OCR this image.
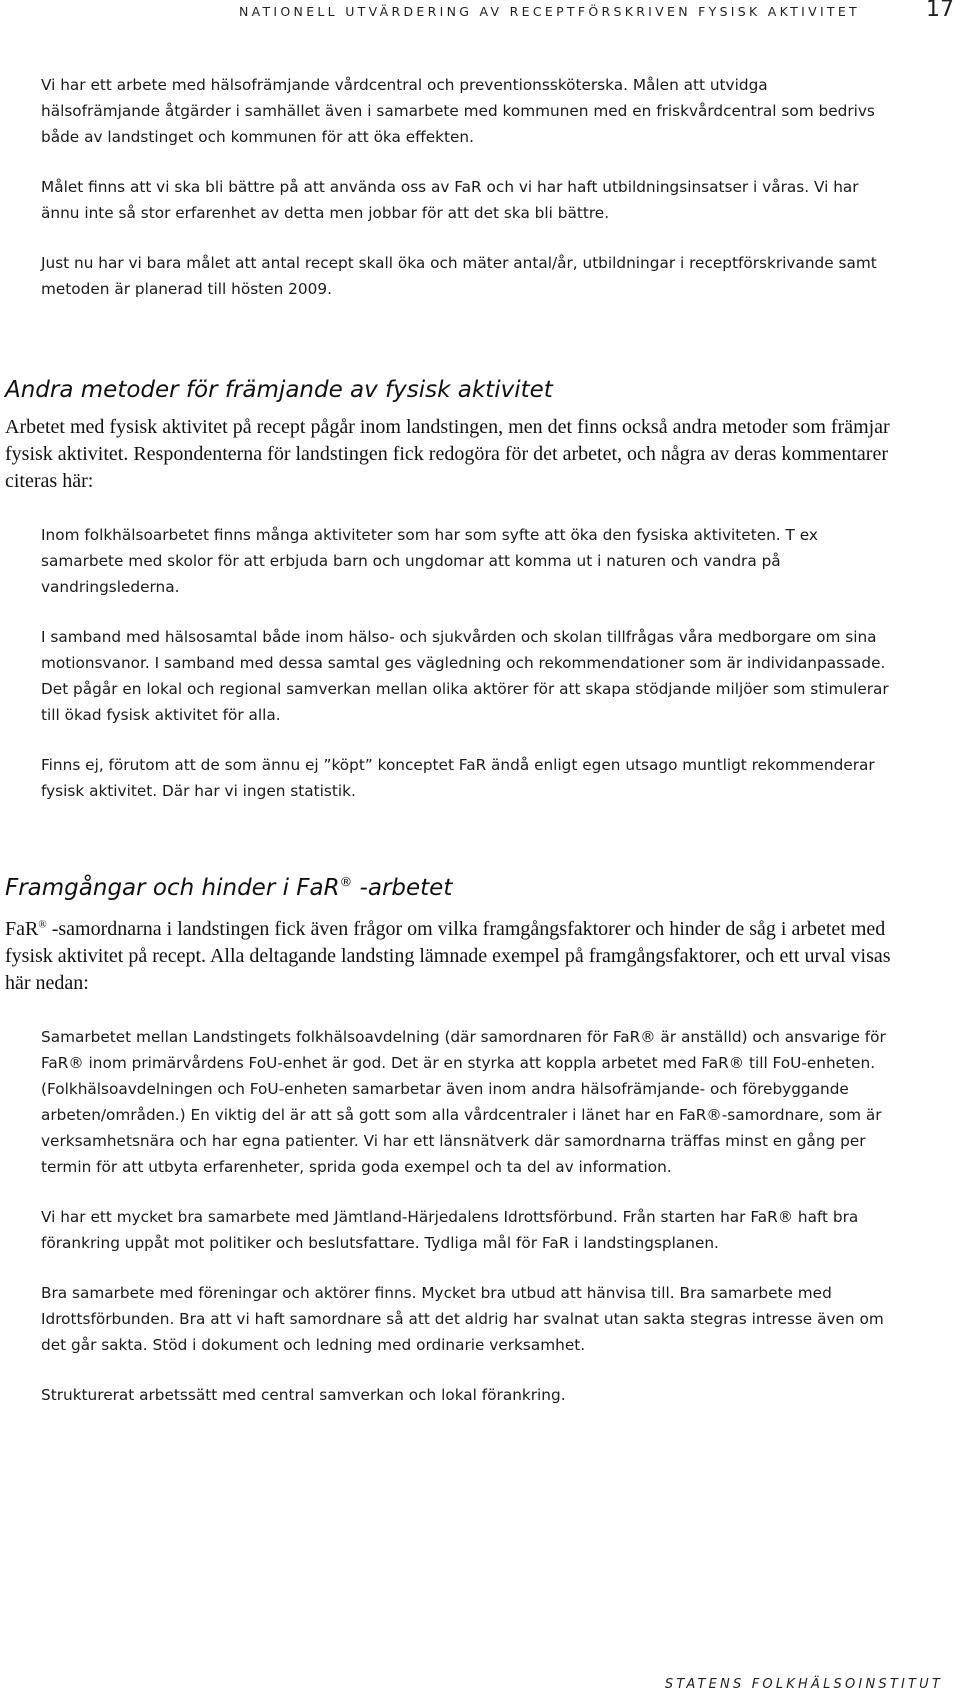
NATIONELL UTVÄRDERING AV RECEPTFÖRSKRIVEN FYSISK AKTIVITET	17

Vi har ett arbete med hälsofrämjande vårdcentral och preventionssköterska. Målen att utvidga hälsofrämjande åtgärder i samhället även i samarbete med kommunen med en friskvårdcentral som bedrivs både av landstinget och kommunen för att öka effekten.

Målet finns att vi ska bli bättre på att använda oss av FaR och vi har haft utbildningsinsatser i våras. Vi har ännu inte så stor erfarenhet av detta men jobbar för att det ska bli bättre.

Just nu har vi bara målet att antal recept skall öka och mäter antal/år, utbildningar i receptförskrivande samt metoden är planerad till hösten 2009.

Andra metoder för främjande av fysisk aktivitet

Arbetet med fysisk aktivitet på recept pågår inom landstingen, men det finns också andra metoder som främjar fysisk aktivitet. Respondenterna för landstingen fick redogöra för det arbetet, och några av deras kommentarer citeras här:

Inom folkhälsoarbetet finns många aktiviteter som har som syfte att öka den fysiska aktiviteten. T ex samarbete med skolor för att erbjuda barn och ungdomar att komma ut i naturen och vandra på vandringslederna.

I samband med hälsosamtal både inom hälso- och sjukvården och skolan tillfrågas våra medborgare om sina motionsvanor. I samband med dessa samtal ges vägledning och rekommendationer som är individanpassade. Det pågår en lokal och regional samverkan mellan olika aktörer för att skapa stödjande miljöer som stimulerar till ökad fysisk aktivitet för alla.

Finns ej, förutom att de som ännu ej ”köpt” konceptet FaR ändå enligt egen utsago muntligt rekommenderar fysisk aktivitet. Där har vi ingen statistik.

Framgångar och hinder i FaR® -arbetet

FaR® -samordnarna i landstingen fick även frågor om vilka framgångsfaktorer och hinder de såg i arbetet med fysisk aktivitet på recept. Alla deltagande landsting lämnade exempel på framgångsfaktorer, och ett urval visas här nedan:

Samarbetet mellan Landstingets folkhälsoavdelning (där samordnaren för FaR® är anställd) och ansvarige för FaR® inom primärvårdens FoU-enhet är god. Det är en styrka att koppla arbetet med FaR® till FoU-enheten. (Folkhälsoavdelningen och FoU-enheten samarbetar även inom andra hälsofrämjande- och förebyggande arbeten/områden.) En viktig del är att så gott som alla vårdcentraler i länet har en FaR®-samordnare, som är verksamhetsnära och har egna patienter. Vi har ett länsnätverk där samordnarna träffas minst en gång per termin för att utbyta erfarenheter, sprida goda exempel och ta del av information.

Vi har ett mycket bra samarbete med Jämtland-Härjedalens Idrottsförbund. Från starten har FaR® haft bra förankring uppåt mot politiker och beslutsfattare. Tydliga mål för FaR i landstingsplanen.

Bra samarbete med föreningar och aktörer finns. Mycket bra utbud att hänvisa till. Bra samarbete med Idrottsförbunden. Bra att vi haft samordnare så att det aldrig har svalnat utan sakta stegras intresse även om det går sakta. Stöd i dokument och ledning med ordinarie verksamhet.

Strukturerat arbetssätt med central samverkan och lokal förankring.

STATENS FOLKHÄLSOINSTITUT
